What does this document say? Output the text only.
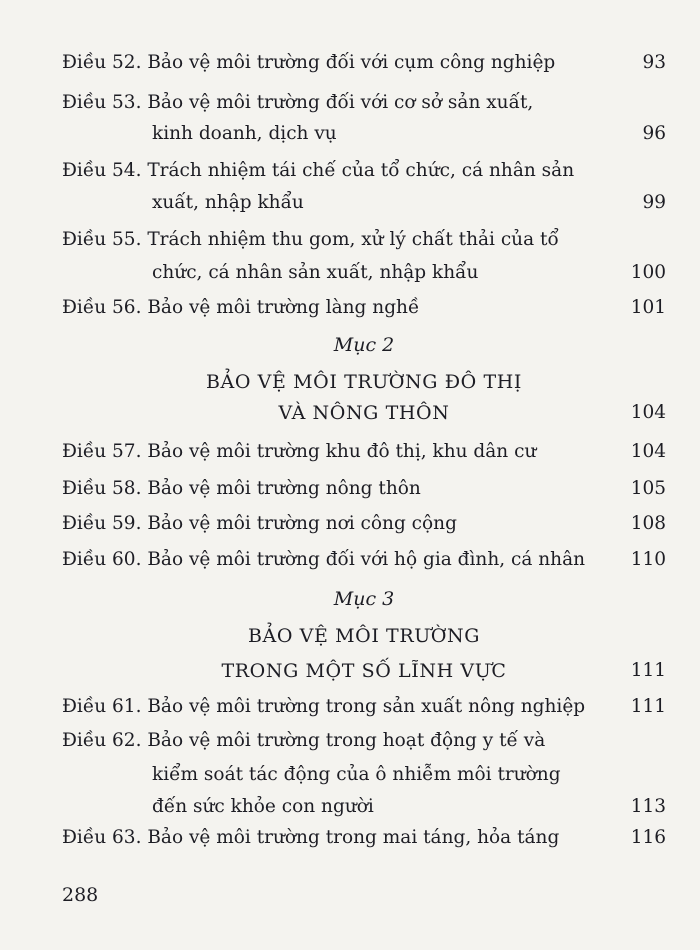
Điều 52. Bảo vệ môi trường đối với cụm công nghiệp	93
Điều 53. Bảo vệ môi trường đối với cơ sở sản xuất,
kinh doanh, dịch vụ	96
Điều 54. Trách nhiệm tái chế của tổ chức, cá nhân sản
xuất, nhập khẩu	99
Điều 55. Trách nhiệm thu gom, xử lý chất thải của tổ
chức, cá nhân sản xuất, nhập khẩu	100
Điều 56. Bảo vệ môi trường làng nghề	101
Mục 2
BẢO VỆ MÔI TRƯỜNG ĐÔ THỊ
VÀ NÔNG THÔN	104
Điều 57. Bảo vệ môi trường khu đô thị, khu dân cư	104
Điều 58. Bảo vệ môi trường nông thôn	105
Điều 59. Bảo vệ môi trường nơi công cộng	108
Điều 60. Bảo vệ môi trường đối với hộ gia đình, cá nhân 110
Mục 3
BẢO VỆ MÔI TRƯỜNG
TRONG MỘT SỐ LĨNH VỰC	111
Điều 61. Bảo vệ môi trường trong sản xuất nông nghiệp 111
Điều 62. Bảo vệ môi trường trong hoạt động y tế và
kiểm soát tác động của ô nhiễm môi trường
đến sức khỏe con người	113
Điều 63. Bảo vệ môi trường trong mai táng, hỏa táng	116
288
